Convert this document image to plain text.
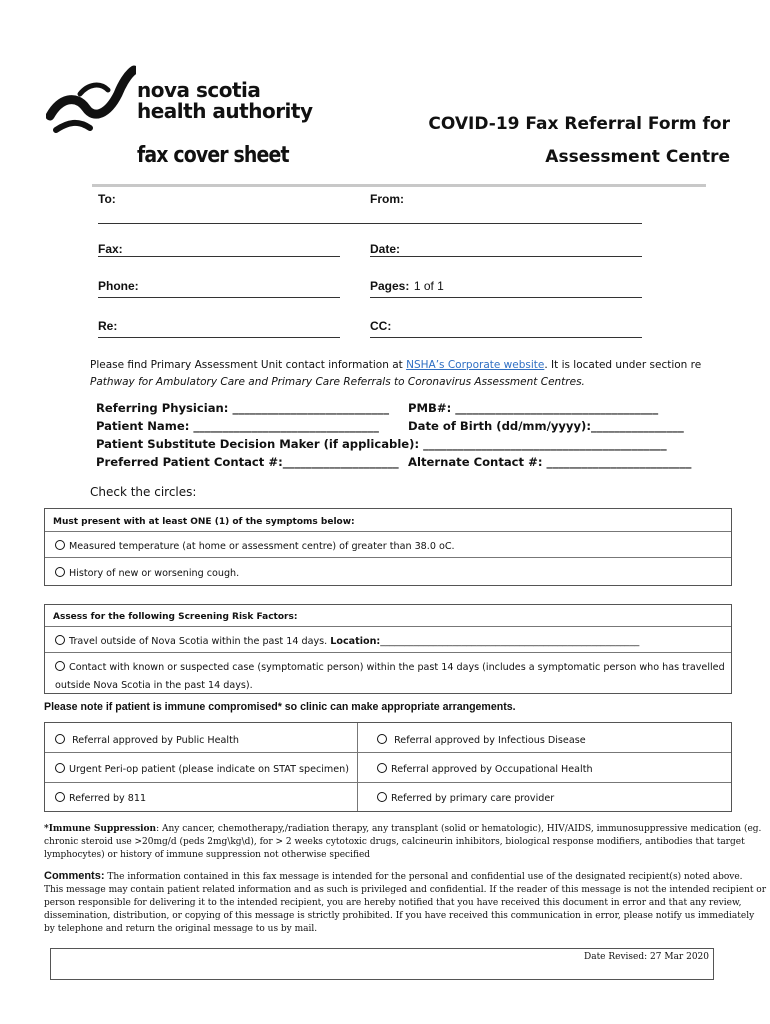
nova scotia
health authority
fax cover sheet
COVID-19 Fax Referral Form for
Assessment Centre
To:	From:
Fax:	Date:
Phone:	Pages: 1 of 1
Re:	CC:
Please find Primary Assessment Unit contact information at NSHA’s Corporate website. It is located under section re
Pathway for Ambulatory Care and Primary Care Referrals to Coronavirus Assessment Centres.
Referring Physician: ___________________________ PMB#: ___________________________________
Patient Name: ________________________________	Date of Birth (dd/mm/yyyy):________________
Patient Substitute Decision Maker (if applicable): __________________________________________
Preferred Patient Contact #:____________________ Alternate Contact #: _________________________
Check the circles:
Must present with at least ONE (1) of the symptoms below:
Measured temperature (at home or assessment centre) of greater than 38.0 oC.
History of new or worsening cough.
Assess for the following Screening Risk Factors:
Travel outside of Nova Scotia within the past 14 days. Location:______________________________________________________
Contact with known or suspected case (symptomatic person) within the past 14 days (includes a symptomatic person who has travelled
outside Nova Scotia in the past 14 days).
Please note if patient is immune compromised* so clinic can make appropriate arrangements.
Referral approved by Public Health	Referral approved by Infectious Disease
Urgent Peri-op patient (please indicate on STAT specimen)	Referral approved by Occupational Health
Referred by 811	Referred by primary care provider
*Immune Suppression: Any cancer, chemotherapy,/radiation therapy, any transplant (solid or hematologic), HIV/AIDS, immunosuppressive medication (eg.
chronic steroid use >20mg/d (peds 2mg\kg\d), for > 2 weeks cytotoxic drugs, calcineurin inhibitors, biological response modifiers, antibodies that target
lymphocytes) or history of immune suppression not otherwise specified
Comments: The information contained in this fax message is intended for the personal and confidential use of the designated recipient(s) noted above.
This message may contain patient related information and as such is privileged and confidential. If the reader of this message is not the intended recipient or
person responsible for delivering it to the intended recipient, you are hereby notified that you have received this document in error and that any review,
dissemination, distribution, or copying of this message is strictly prohibited. If you have received this communication in error, please notify us immediately
by telephone and return the original message to us by mail.
Date Revised: 27 Mar 2020
